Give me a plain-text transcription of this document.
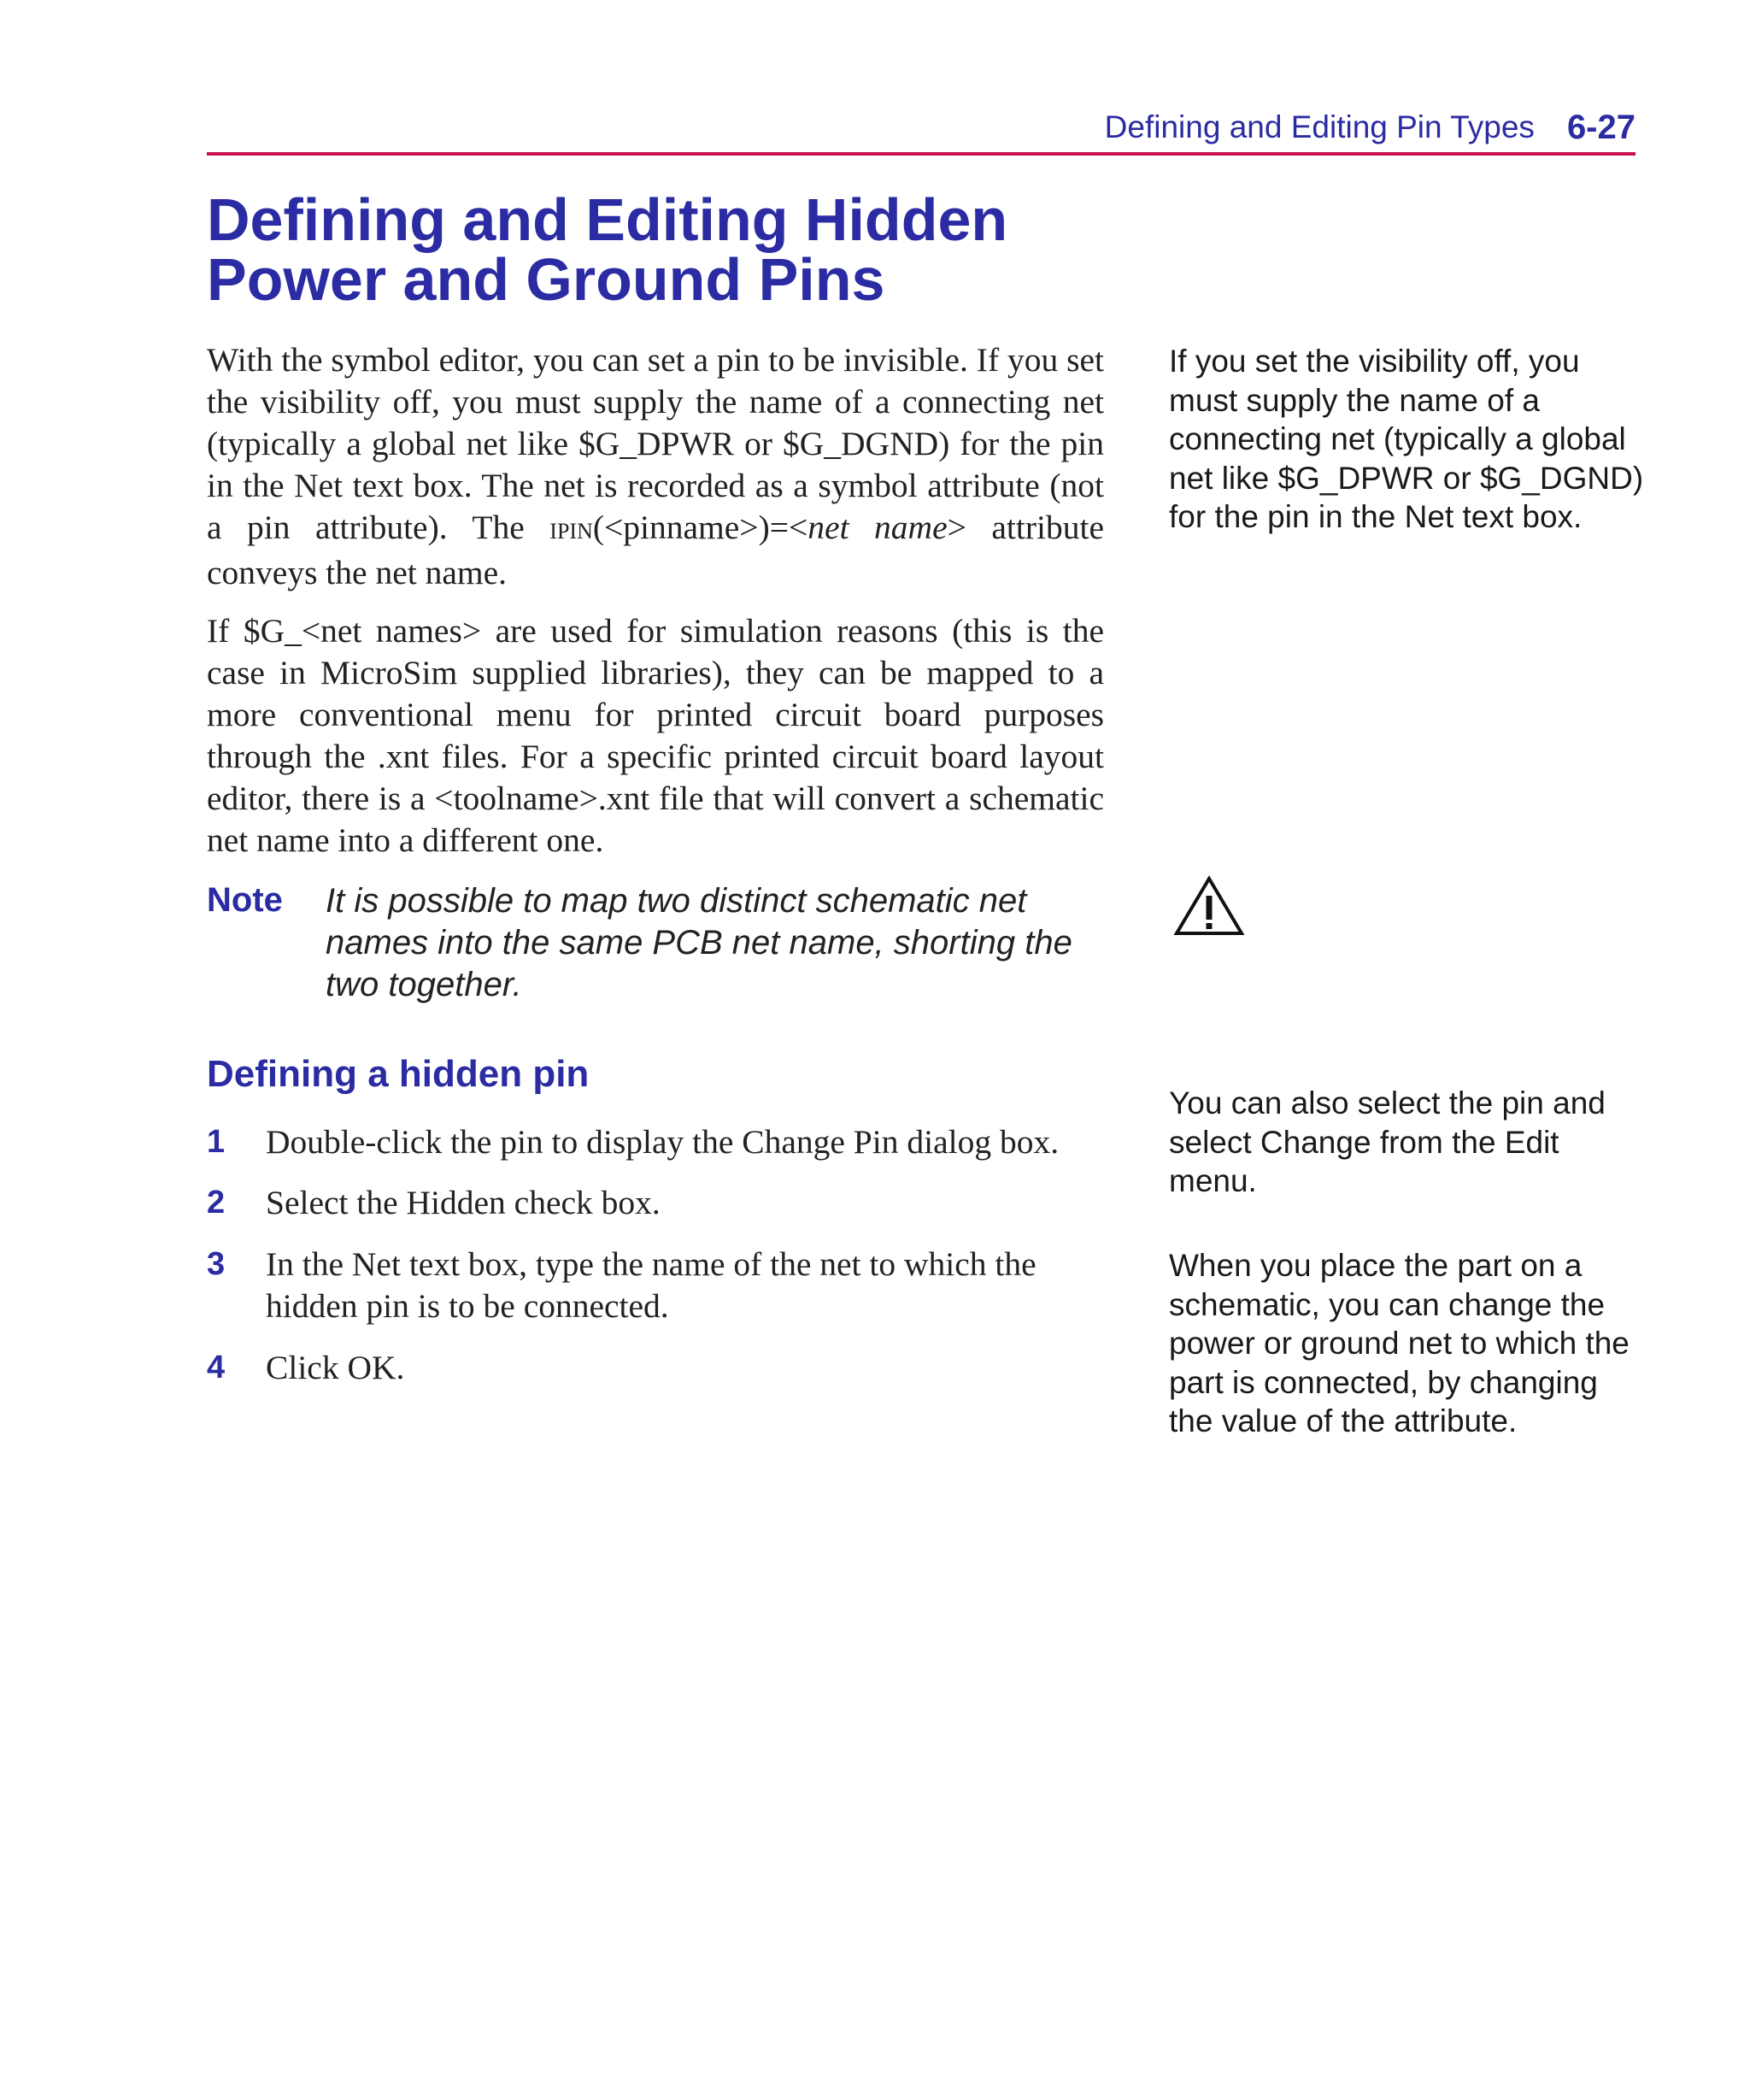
Defining and Editing Pin Types 6-27
Defining and Editing Hidden
Power and Ground Pins

With the symbol editor, you can set a pin to be invisible. If you set the visibility off, you must supply the name of a connecting net (typically a global net like $G_DPWR or $G_DGND) for the pin in the Net text box. The net is recorded as a symbol attribute (not a pin attribute). The IPIN(<pinname>)=<net name> attribute conveys the net name.

If $G_<net names> are used for simulation reasons (this is the case in MicroSim supplied libraries), they can be mapped to a more conventional menu for printed circuit board purposes through the .xnt files. For a specific printed circuit board layout editor, there is a <toolname>.xnt file that will convert a schematic net name into a different one.

Note It is possible to map two distinct schematic net names into the same PCB net name, shorting the two together.

Defining a hidden pin
1 Double-click the pin to display the Change Pin dialog box.
2 Select the Hidden check box.
3 In the Net text box, type the name of the net to which the hidden pin is to be connected.
4 Click OK.

If you set the visibility off, you must supply the name of a connecting net (typically a global net like $G_DPWR or $G_DGND) for the pin in the Net text box.

You can also select the pin and select Change from the Edit menu.

When you place the part on a schematic, you can change the power or ground net to which the part is connected, by changing the value of the attribute.
